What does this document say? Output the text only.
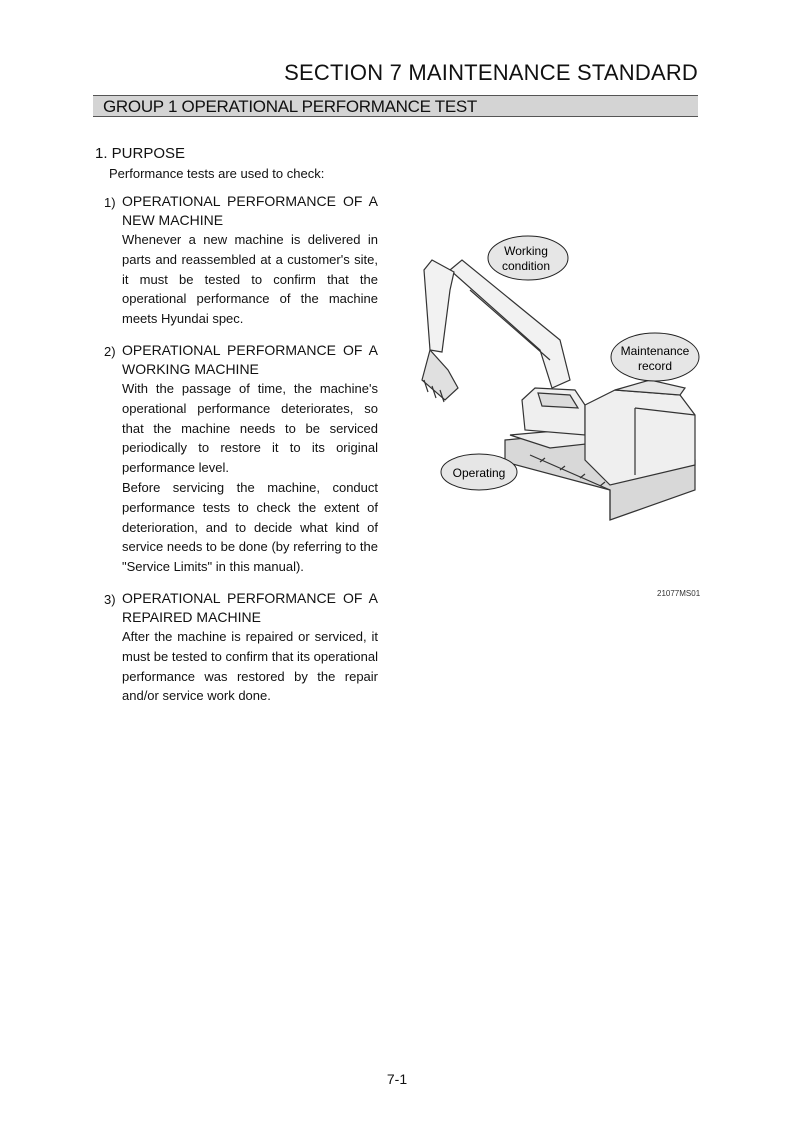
SECTION 7 MAINTENANCE STANDARD
GROUP 1 OPERATIONAL PERFORMANCE TEST
1. PURPOSE
Performance tests are used to check:
1) OPERATIONAL PERFORMANCE OF A NEW MACHINE

Whenever a new machine is delivered in parts and reassembled at a customer's site, it must be tested to confirm that the operational performance of the machine meets Hyundai spec.

2) OPERATIONAL PERFORMANCE OF A WORKING MACHINE

With the passage of time, the machine's operational performance deteriorates, so that the machine needs to be serviced periodically to restore it to its original performance level.

Before servicing the machine, conduct performance tests to check the extent of deterioration, and to decide what kind of service needs to be done (by referring to the "Service Limits" in this manual).

3) OPERATIONAL PERFORMANCE OF A REPAIRED MACHINE

After the machine is repaired or serviced, it must be tested to confirm that its operational performance was restored by the repair and/or service work done.

Working
condition
Maintenance
record
Operating
21077MS01
7-1
